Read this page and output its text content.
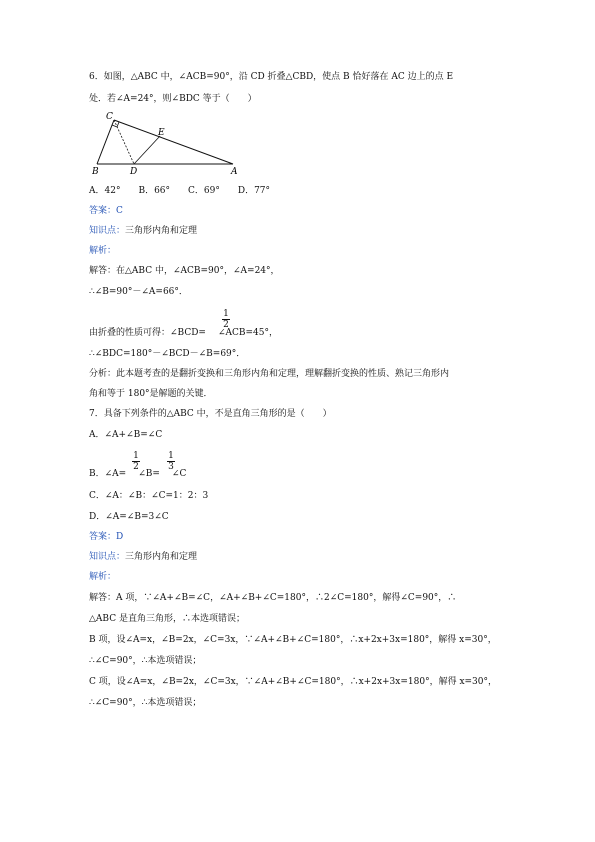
6．如图，△ABC 中，∠ACB=90°，沿 CD 折叠△CBD，使点 B 恰好落在 AC 边上的点 E
处．若∠A=24°，则∠BDC 等于（　　）
C
B	D	A
E
A．42°　　B．66°　　C．69°　　D．77°
答案：C
知识点：三角形内角和定理
解析：
解答：在△ABC 中，∠ACB=90°，∠A=24°，
∴∠B=90°－∠A=66°．
由折叠的性质可得：∠BCD= ∠ACB=45°，
1
2
∴∠BDC=180°－∠BCD－∠B=69°．
分析：此本题考查的是翻折变换和三角形内角和定理，理解翻折变换的性质、熟记三角形内
角和等于 180°是解题的关键．
7．具备下列条件的△ABC 中，不是直角三角形的是（　　）
A．∠A+∠B=∠C
B．∠A= ∠B= ∠C
1
2
1
3
C．∠A：∠B：∠C=1：2：3
D．∠A=∠B=3∠C
答案：D
知识点：三角形内角和定理
解析：
解答：A 项，∵∠A+∠B=∠C，∠A+∠B+∠C=180°，∴2∠C=180°，解得∠C=90°，∴
△ABC 是直角三角形，∴本选项错误；
B 项，设∠A=x，∠B=2x，∠C=3x，∵∠A+∠B+∠C=180°，∴x+2x+3x=180°，解得 x=30°，
∴∠C=90°，∴本选项错误；
C 项，设∠A=x，∠B=2x，∠C=3x，∵∠A+∠B+∠C=180°，∴x+2x+3x=180°，解得 x=30°，
∴∠C=90°，∴本选项错误；
